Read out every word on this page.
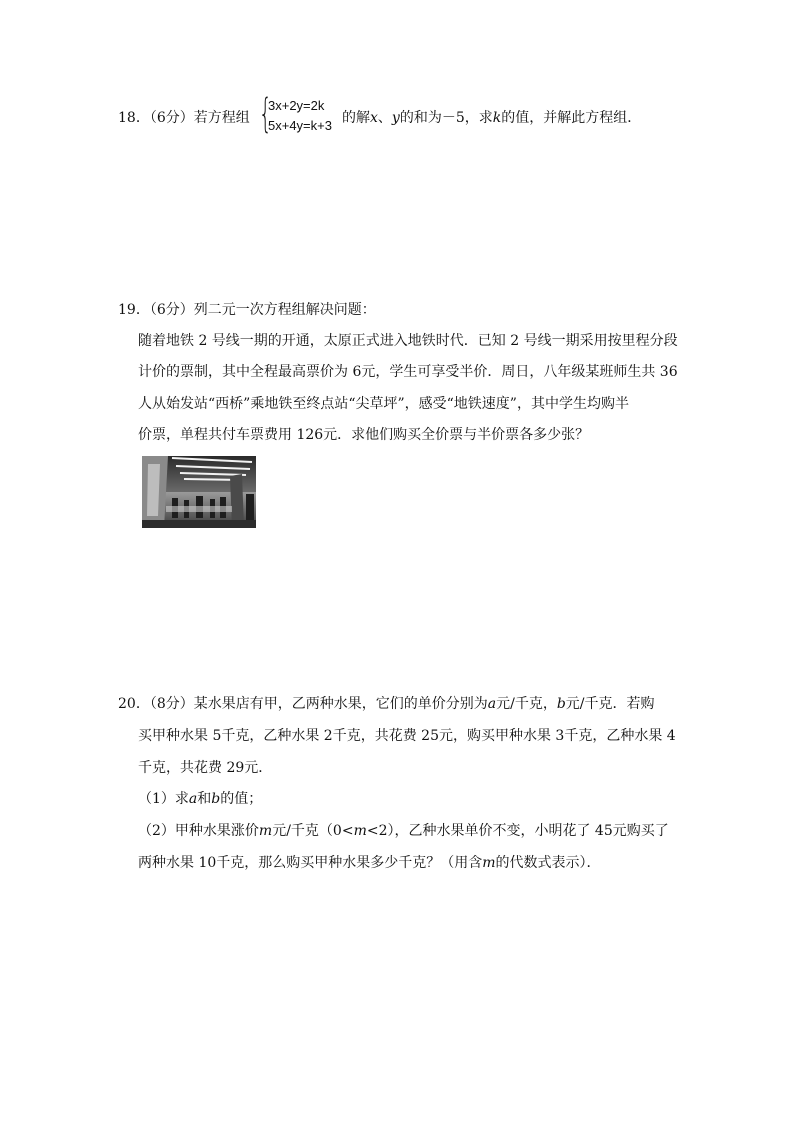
18．（6分）若方程组 {
3x+2y=2k
5x+4y=k+3 的解x、y的和为－5，求k的值，并解此方程组．
19．（6分）列二元一次方程组解决问题：
随着地铁 2 号线一期的开通，太原正式进入地铁时代．已知 2 号线一期采用按里程分段
计价的票制，其中全程最高票价为 6元，学生可享受半价．周日，八年级某班师生共 36
人从始发站“西桥”乘地铁至终点站“尖草坪”，感受“地铁速度”，其中学生均购半
价票，单程共付车票费用 126元．求他们购买全价票与半价票各多少张？
20．（8分）某水果店有甲，乙两种水果，它们的单价分别为a元/千克，b元/千克．若购
买甲种水果 5千克，乙种水果 2千克，共花费 25元，购买甲种水果 3千克，乙种水果 4
千克，共花费 29元．
（1）求a和b的值；
（2）甲种水果涨价m元/千克（0<m<2），乙种水果单价不变，小明花了 45元购买了
两种水果 10千克，那么购买甲种水果多少千克？（用含m的代数式表示）．
